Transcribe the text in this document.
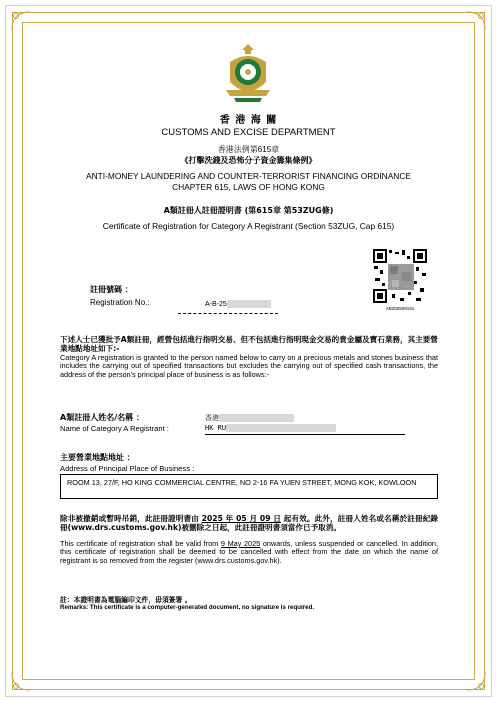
香 港 海 關
CUSTOMS AND EXCISE DEPARTMENT
香港法例第615章
《打擊洗錢及恐怖分子資金籌集條例》
ANTI-MONEY LAUNDERING AND COUNTER-TERRORIST FINANCING ORDINANCE
CHAPTER 615, LAWS OF HONG KONG
A類註冊人註冊證明書 (第615章 第53ZUG條)
Certificate of Registration for Category A Registrant (Section 53ZUG, Cap 615)
註冊號碼 ：
Registration No.:	A-B-25
AB250509191
下述人士已獲批予A類註冊，經營包括進行指明交易、但不包括進行指明現金交易的貴金屬及寶石業務，其主要營業地點地址如下:-
Category A registration is granted to the person named below to carry on a precious metals and stones business that includes the carrying out of specified transactions but excludes the carrying out of specified cash transactions, the address of the person's principal place of business is as follows:-
A類註冊人姓名/名稱 ：
Name of Category A Registrant :
香港
HK RU
主要營業地點地址 ：
Address of Principal Place of Business :
ROOM 13, 27/F, HO KING COMMERCIAL CENTRE, NO 2-16 FA YUEN STREET, MONG KOK, KOWLOON
除非被撤銷或暫時吊銷，此註冊證明書由 2025 年 05 月 09 日 起有效。此外，註冊人姓名或名稱於註冊紀錄冊(www.drs.customs.gov.hk)被刪除之日起，此註冊證明書須當作已予取消。
This certificate of registration shall be valid from 9 May 2025 onwards, unless suspended or cancelled. In addition, this certificate of registration shall be deemed to be cancelled with effect from the date on which the name of registrant is so removed from the register (www.drs.customs.gov.hk).
註：本證明書為電腦編印文件，毋須簽署 。
Remarks: This certificate is a computer-generated document, no signature is required.
